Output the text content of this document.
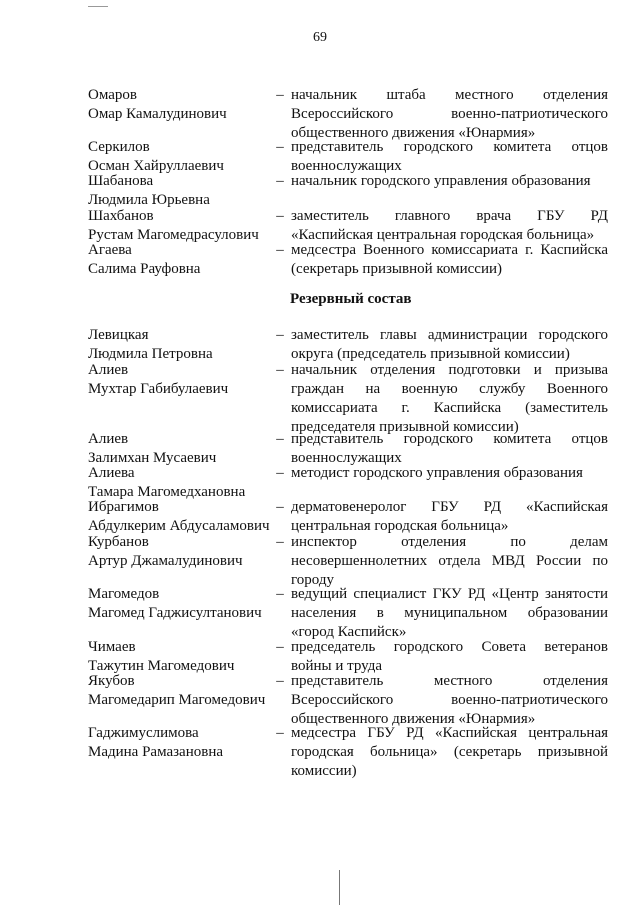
69
Омаров
Омар Камалудинович
– начальник штаба местного отделения
Всероссийского военно-патриотического
общественного движения «Юнармия»
Серкилов
Осман Хайруллаевич
– представитель городского комитета отцов
военнослужащих
Шабанова
Людмила Юрьевна
– начальник городского управления образования
Шахбанов
Рустам Магомедрасулович
– заместитель главного врача ГБУ РД
«Каспийская центральная городская больница»
Агаева
Салима Рауфовна
– медсестра Военного комиссариата г. Каспийска
(секретарь призывной комиссии)
Резервный состав
Левицкая
Людмила Петровна
– заместитель главы администрации городского
округа (председатель призывной комиссии)
Алиев
Мухтар Габибулаевич
– начальник отделения подготовки и призыва
граждан на военную службу Военного
комиссариата г. Каспийска (заместитель
председателя призывной комиссии)
Алиев
Залимхан Мусаевич
– представитель городского комитета отцов
военнослужащих
Алиева
Тамара Магомедхановна
– методист городского управления образования
Ибрагимов
Абдулкерим Абдусаламович
– дерматовенеролог ГБУ РД «Каспийская
центральная городская больница»
Курбанов
Артур Джамалудинович
– инспектор отделения по делам
несовершеннолетних отдела МВД России по
городу
Магомедов
Магомед Гаджисултанович
– ведущий специалист ГКУ РД «Центр занятости
населения в муниципальном образовании
«город Каспийск»
Чимаев
Тажутин Магомедович
– председатель городского Совета ветеранов
войны и труда
Якубов
Магомедарип Магомедович
– представитель местного отделения
Всероссийского военно-патриотического
общественного движения «Юнармия»
Гаджимуслимова
Мадина Рамазановна
– медсестра ГБУ РД «Каспийская центральная
городская больница» (секретарь призывной
комиссии)
